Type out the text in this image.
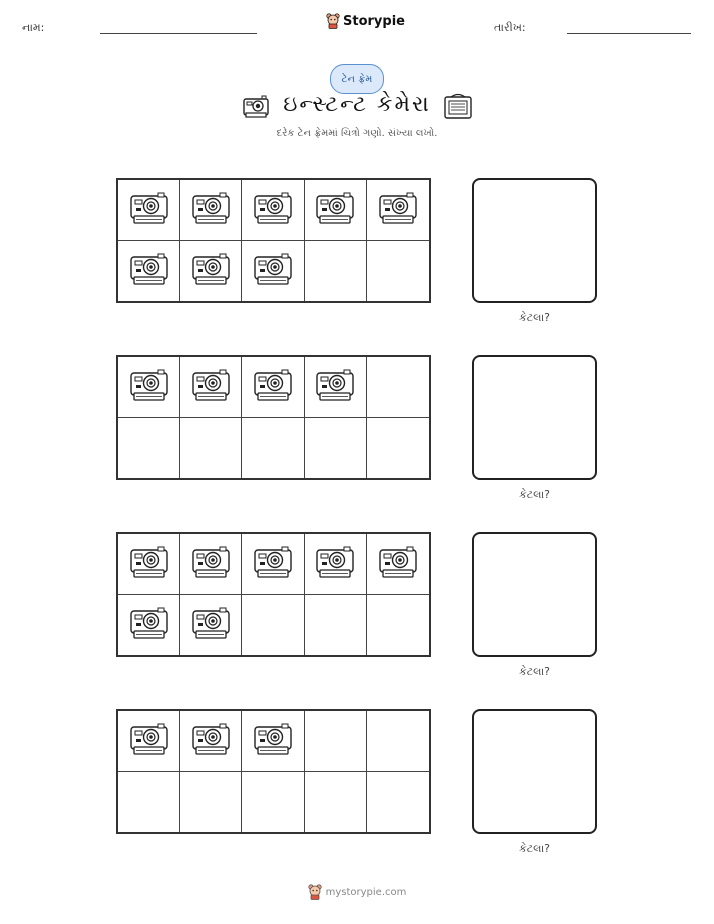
નામ:	Storypie	તારીખ:
ટેન ફ્રેમ
ઇન્સ્ટન્ટ કેમેરા
દરેક ટેન ફ્રેમમાં ચિત્રો ગણો. સંખ્યા લખો.
કેટલા?
કેટલા?
કેટલા?
કેટલા?
mystorypie.com
